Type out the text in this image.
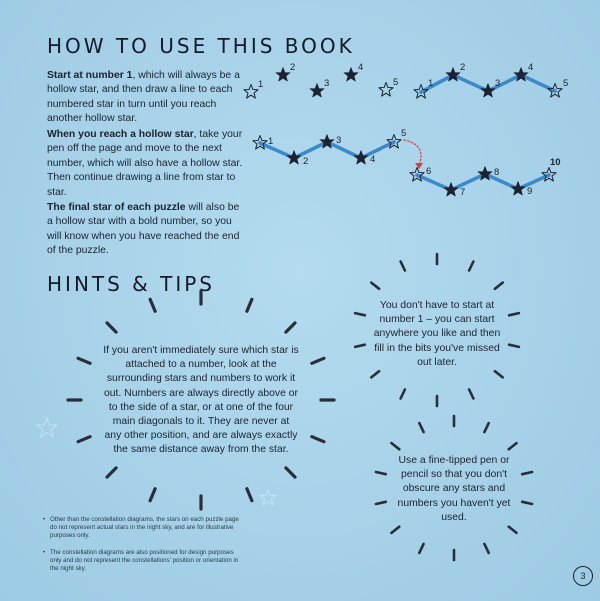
HOW TO USE THIS BOOK

Start at number 1, which will always be a hollow star, and then draw a line to each numbered star in turn until you reach another hollow star.

When you reach a hollow star, take your pen off the page and move to the next number, which will also have a hollow star. Then continue drawing a line from star to star.

The final star of each puzzle will also be a hollow star with a bold number, so you will know when you have reached the end of the puzzle.

1
2
3
4
5	1
2
3
4
5
1
2
3
4
5
6
7
8
9
10
HINTS & TIPS

If you aren't immediately sure which star is attached to a number, look at the surrounding stars and numbers to work it out. Numbers are always directly above or to the side of a star, or at one of the four main diagonals to it. They are never at any other position, and are always exactly the same distance away from the star.

You don't have to start at number 1 – you can start anywhere you like and then fill in the bits you've missed out later.

Use a fine-tipped pen or pencil so that you don't obscure any stars and numbers you haven't yet used.

• Other than the constellation diagrams, the stars on each puzzle page do not represent actual stars in the night sky, and are for illustrative purposes only.

• The constellation diagrams are also positioned for design purposes only and do not represent the constellations' position or orientation in the night sky.

3
